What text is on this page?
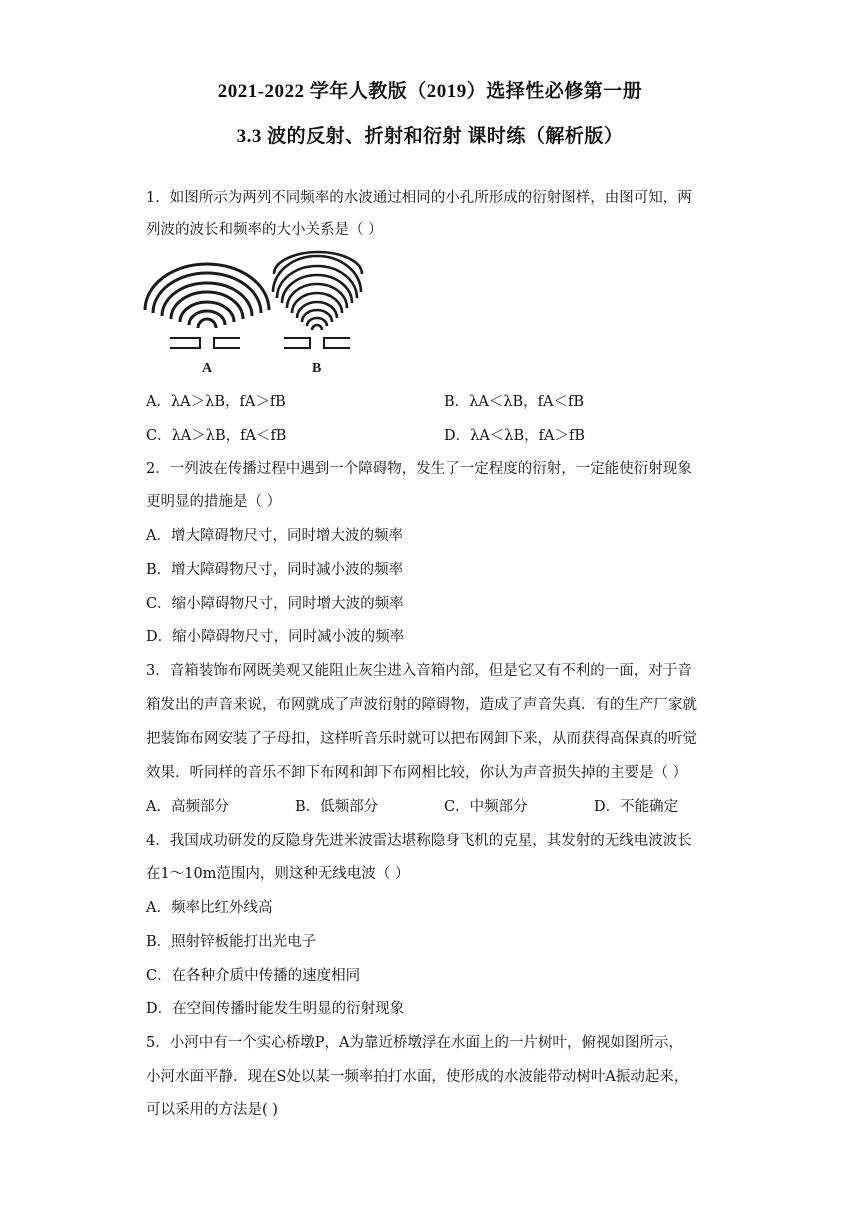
2021-2022 学年人教版（2019）选择性必修第一册
3.3 波的反射、折射和衍射 课时练（解析版）
1．如图所示为两列不同频率的水波通过相同的小孔所形成的衍射图样，由图可知，两
列波的波长和频率的大小关系是（ ）
A	B
A．λA＞λB，fA＞fB	B．λA＜λB，fA＜fB
C．λA＞λB，fA＜fB	D．λA＜λB，fA＞fB
2．一列波在传播过程中遇到一个障碍物，发生了一定程度的衍射，一定能使衍射现象
更明显的措施是（ ）
A．增大障碍物尺寸，同时增大波的频率
B．增大障碍物尺寸，同时减小波的频率
C．缩小障碍物尺寸，同时增大波的频率
D．缩小障碍物尺寸，同时减小波的频率
3．音箱装饰布网既美观又能阻止灰尘进入音箱内部，但是它又有不利的一面，对于音
箱发出的声音来说，布网就成了声波衍射的障碍物，造成了声音失真．有的生产厂家就
把装饰布网安装了子母扣，这样听音乐时就可以把布网卸下来，从而获得高保真的听觉
效果．听同样的音乐不卸下布网和卸下布网相比较，你认为声音损失掉的主要是（ ）
A．高频部分	B．低频部分	C．中频部分	D．不能确定
4．我国成功研发的反隐身先进米波雷达堪称隐身飞机的克星，其发射的无线电波波长
在1～10m范围内，则这种无线电波（ ）
A．频率比红外线高
B．照射锌板能打出光电子
C．在各种介质中传播的速度相同
D．在空间传播时能发生明显的衍射现象
5．小河中有一个实心桥墩P，A为靠近桥墩浮在水面上的一片树叶，俯视如图所示，
小河水面平静．现在S处以某一频率拍打水面，使形成的水波能带动树叶A振动起来，
可以采用的方法是( )
